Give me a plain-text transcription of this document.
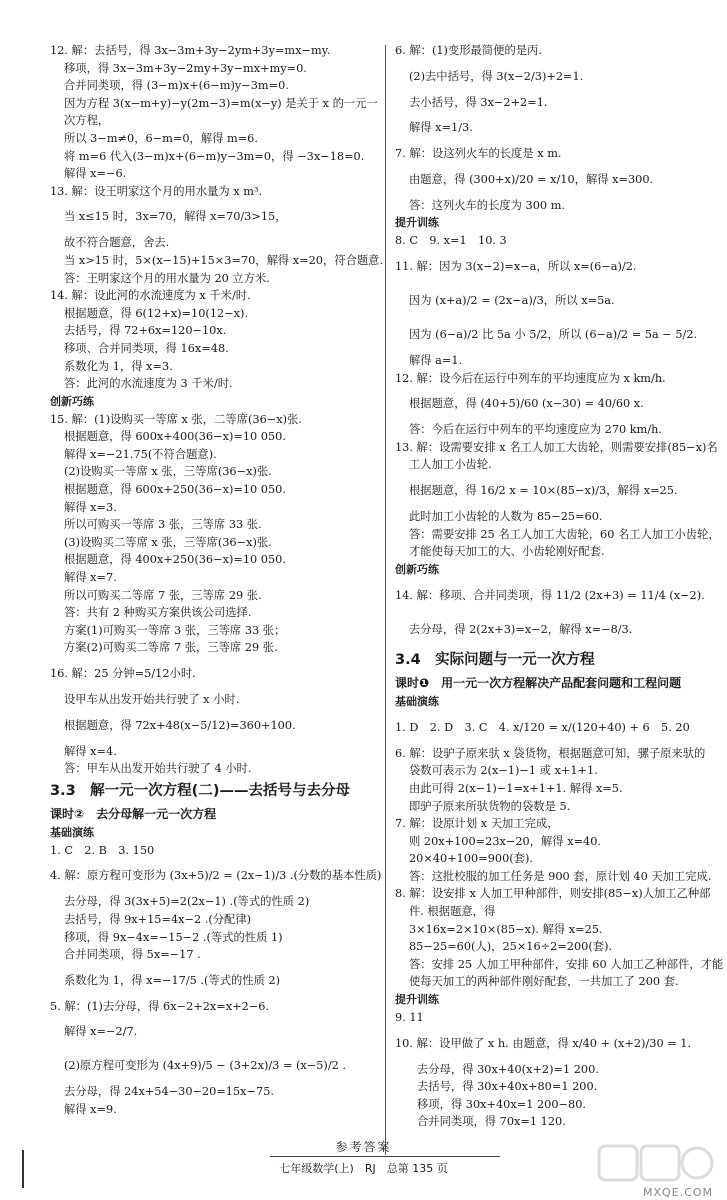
12. 解：去括号，得 3x−3m+3y−2ym+3y=mx−my.
移项，得 3x−3m+3y−2my+3y−mx+my=0.
合并同类项，得 (3−m)x+(6−m)y−3m=0.
因为方程 3(x−m+y)−y(2m−3)=m(x−y) 是关于 x 的一元一
次方程，
所以 3−m≠0，6−m=0，解得 m=6.
将 m=6 代入(3−m)x+(6−m)y−3m=0，得 −3x−18=0.
解得 x=−6.
13. 解：设王明家这个月的用水量为 x m³.
当 x≤15 时，3x=70，解得 x=70/3>15，
故不符合题意，舍去.
当 x>15 时，5×(x−15)+15×3=70，解得 x=20，符合题意.
答：王明家这个月的用水量为 20 立方米.
14. 解：设此河的水流速度为 x 千米/时.
根据题意，得 6(12+x)=10(12−x).
去括号，得 72+6x=120−10x.
移项、合并同类项，得 16x=48.
系数化为 1，得 x=3.
答：此河的水流速度为 3 千米/时.
创新巧练
15. 解：(1)设购买一等席 x 张，二等席(36−x)张.
根据题意，得 600x+400(36−x)=10 050.
解得 x=−21.75(不符合题意).
(2)设购买一等席 x 张，三等席(36−x)张.
根据题意，得 600x+250(36−x)=10 050.
解得 x=3.
所以可购买一等席 3 张，三等席 33 张.
(3)设购买二等席 x 张，三等席(36−x)张.
根据题意，得 400x+250(36−x)=10 050.
解得 x=7.
所以可购买二等席 7 张，三等席 29 张.
答：共有 2 种购买方案供该公司选择.
方案(1)可购买一等席 3 张，三等席 33 张；
方案(2)可购买二等席 7 张，三等席 29 张.
16. 解：25 分钟=5/12小时.
设甲车从出发开始共行驶了 x 小时.
根据题意，得 72x+48(x−5/12)=360+100.
解得 x=4.
答：甲车从出发开始共行驶了 4 小时.
3.3　解一元一次方程(二)——去括号与去分母
课时②　去分母解一元一次方程
基础演练
1. C　2. B　3. 150
4. 解：原方程可变形为 (3x+5)/2 = (2x−1)/3 .(分数的基本性质)
去分母，得 3(3x+5)=2(2x−1) .(等式的性质 2)
去括号，得 9x+15=4x−2 .(分配律)
移项，得 9x−4x=−15−2 .(等式的性质 1)
合并同类项，得 5x=−17 .
系数化为 1，得 x=−17/5 .(等式的性质 2)
5. 解：(1)去分母，得 6x−2+2x=x+2−6.
解得 x=−2/7.
(2)原方程可变形为 (4x+9)/5 − (3+2x)/3 = (x−5)/2 .
去分母，得 24x+54−30−20=15x−75.
解得 x=9.
6. 解：(1)变形最简便的是丙.
(2)去中括号，得 3(x−2/3)+2=1.
去小括号，得 3x−2+2=1.
解得 x=1/3.
7. 解：设这列火车的长度是 x m.
由题意，得 (300+x)/20 = x/10，解得 x=300.
答：这列火车的长度为 300 m.
提升训练
8. C　9. x=1　10. 3
11. 解：因为 3(x−2)=x−a，所以 x=(6−a)/2.
因为 (x+a)/2 = (2x−a)/3，所以 x=5a.
因为 (6−a)/2 比 5a 小 5/2，所以 (6−a)/2 = 5a − 5/2.
解得 a=1.
12. 解：设今后在运行中列车的平均速度应为 x km/h.
根据题意，得 (40+5)/60 (x−30) = 40/60 x.
答：今后在运行中列车的平均速度应为 270 km/h.
13. 解：设需要安排 x 名工人加工大齿轮，则需要安排(85−x)名
工人加工小齿轮.
根据题意，得 16/2 x = 10×(85−x)/3，解得 x=25.
此时加工小齿轮的人数为 85−25=60.
答：需要安排 25 名工人加工大齿轮，60 名工人加工小齿轮，
才能使每天加工的大、小齿轮刚好配套.
创新巧练
14. 解：移项、合并同类项，得 11/2 (2x+3) = 11/4 (x−2).
去分母，得 2(2x+3)=x−2，解得 x=−8/3.
3.4　实际问题与一元一次方程
课时❶　用一元一次方程解决产品配套问题和工程问题
基础演练
1. D　2. D　3. C　4. x/120 = x/(120+40) + 6　5. 20
6. 解：设驴子原来驮 x 袋货物，根据题意可知，骡子原来驮的
袋数可表示为 2(x−1)−1 或 x+1+1.
由此可得 2(x−1)−1=x+1+1. 解得 x=5.
即驴子原来所驮货物的袋数是 5.
7. 解：设原计划 x 天加工完成，
则 20x+100=23x−20，解得 x=40.
20×40+100=900(套).
答：这批校服的加工任务是 900 套，原计划 40 天加工完成.
8. 解：设安排 x 人加工甲种部件，则安排(85−x)人加工乙种部
件. 根据题意，得
3×16x=2×10×(85−x). 解得 x=25.
85−25=60(人)，25×16÷2=200(套).
答：安排 25 人加工甲种部件，安排 60 人加工乙种部件，才能
使每天加工的两种部件刚好配套，一共加工了 200 套.
提升训练
9. 11
10. 解：设甲做了 x h. 由题意，得 x/40 + (x+2)/30 = 1.
去分母，得 30x+40(x+2)=1 200.
去括号，得 30x+40x+80=1 200.
移项，得 30x+40x=1 200−80.
合并同类项，得 70x=1 120.
参考答案
七年级数学(上)　RJ　总第 135 页
MXQE.COM
